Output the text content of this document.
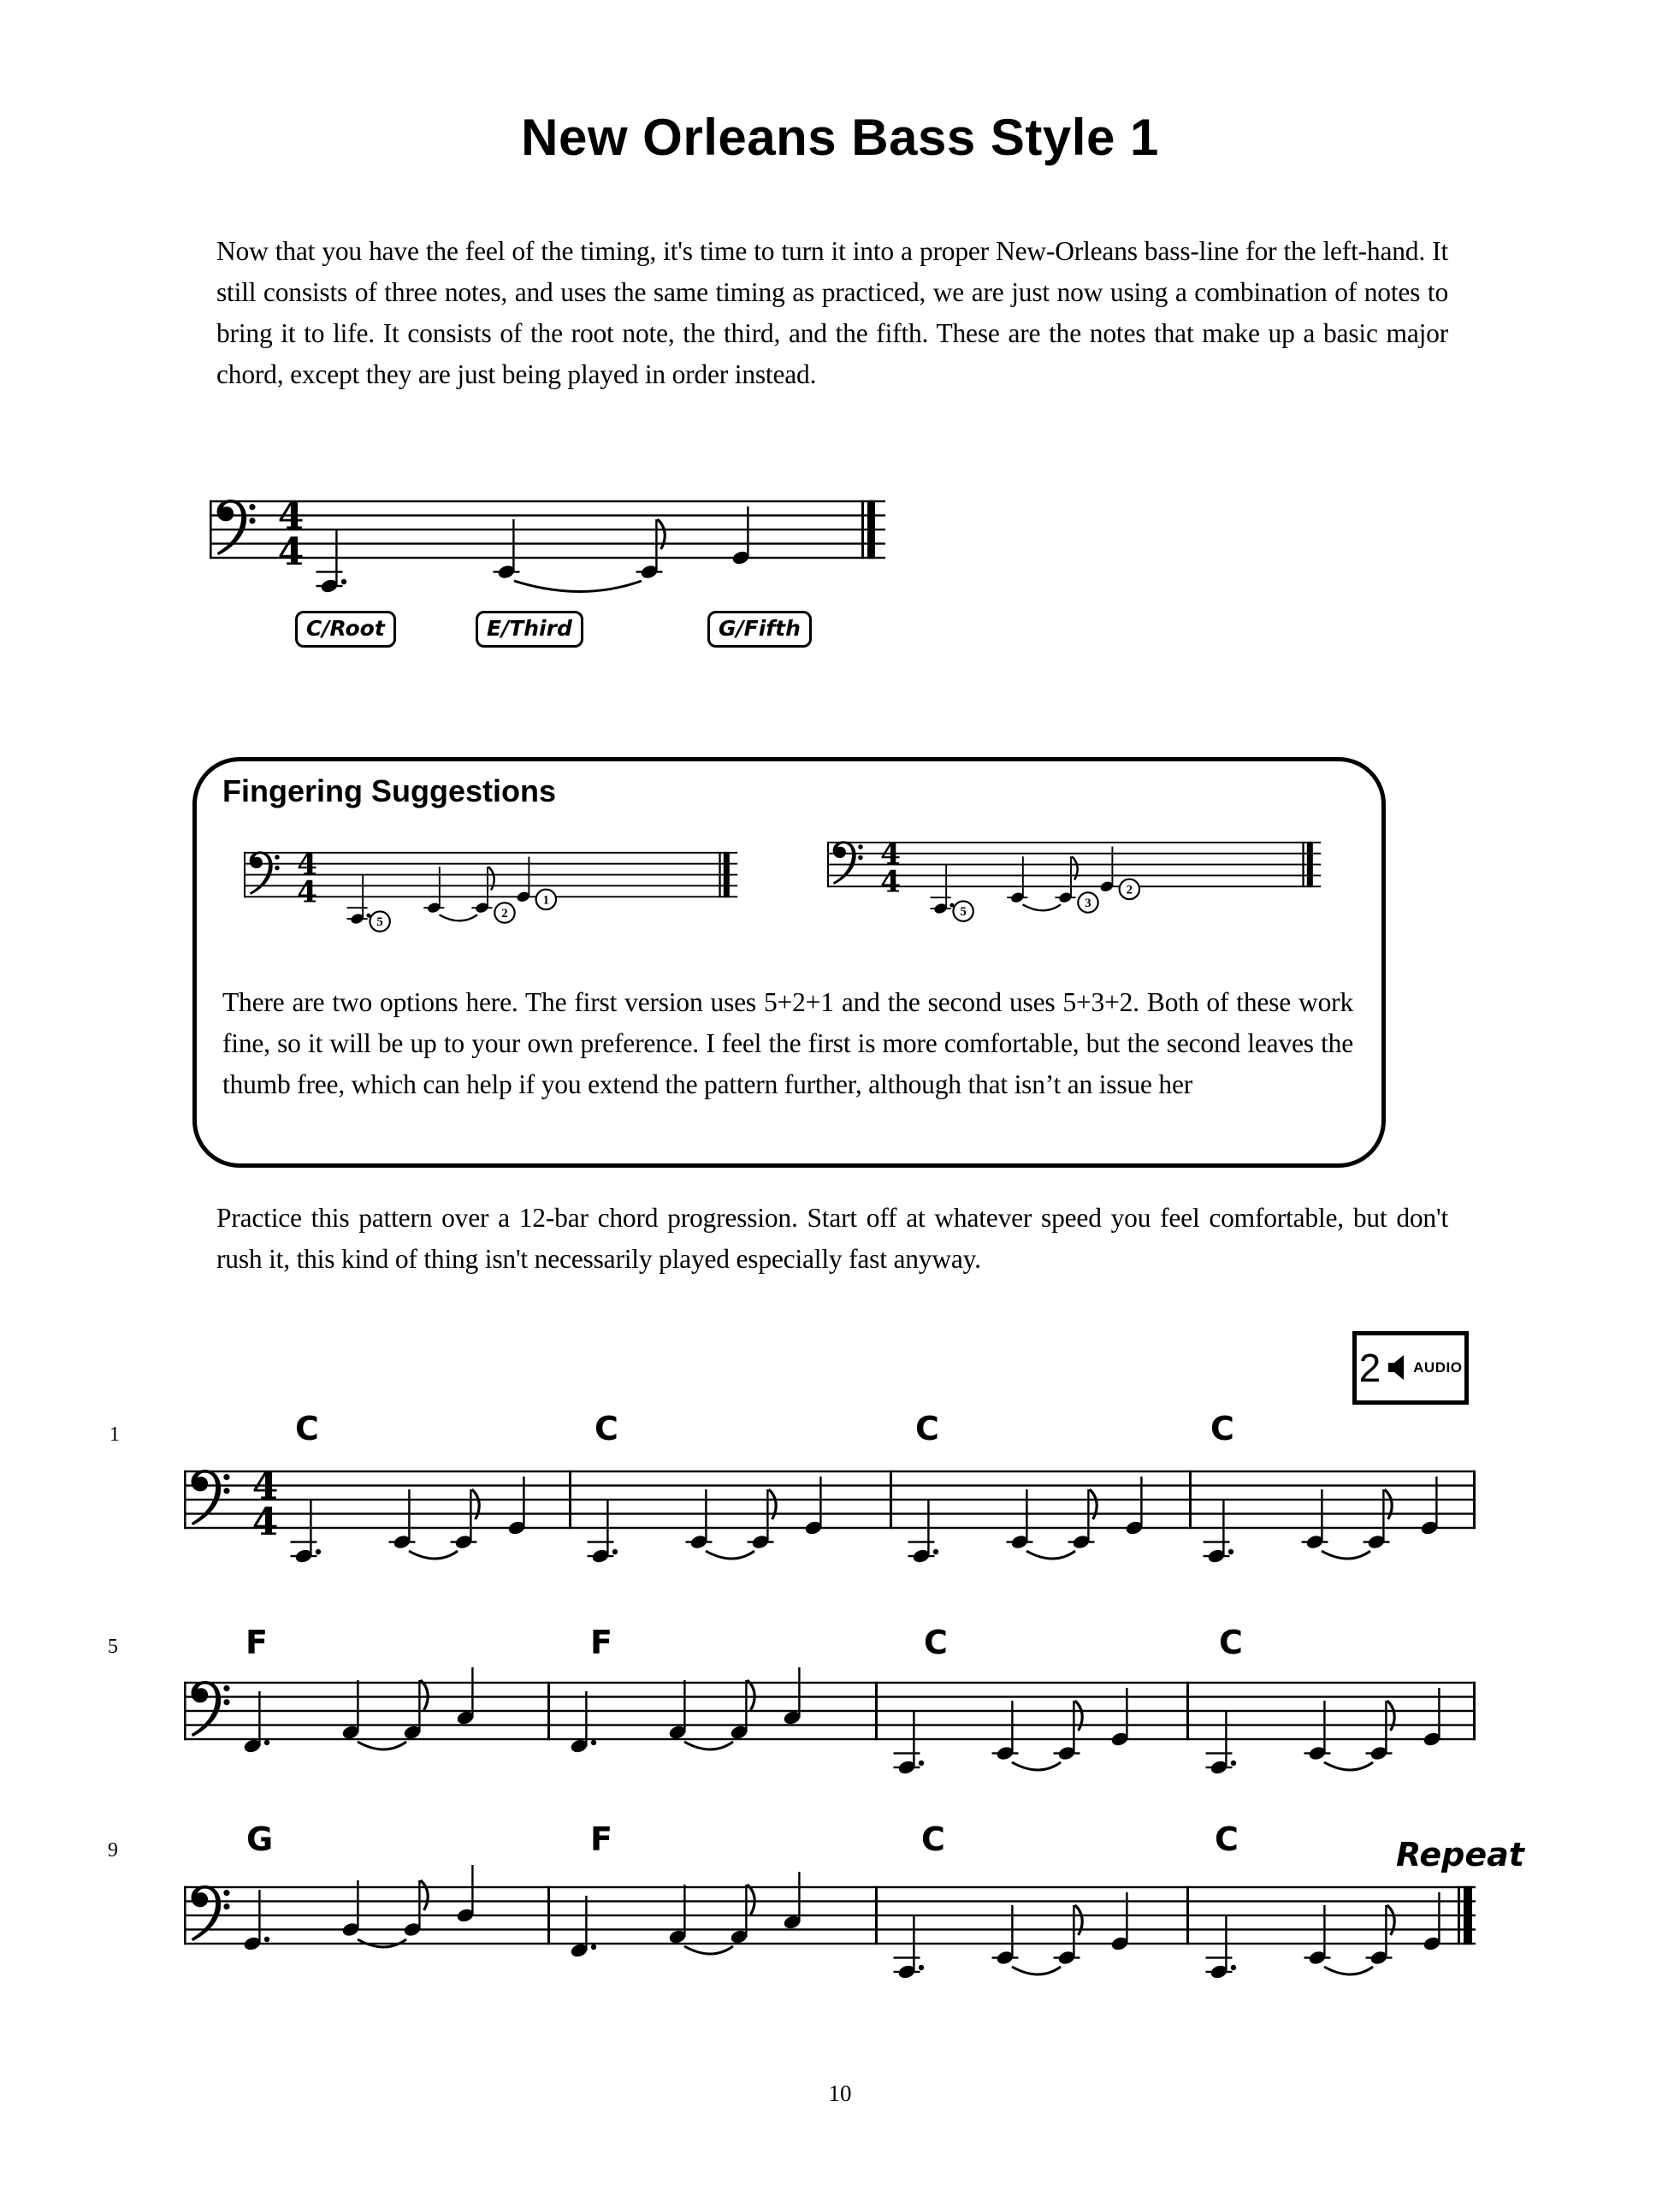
New Orleans Bass Style 1
Now that you have the feel of the timing, it's time to turn it into a proper New-Orleans bass-line for the left-hand. It still consists of three notes, and uses the same timing as practiced, we are just now using a combination of notes to bring it to life. It consists of the root note, the third, and the fifth. These are the notes that make up a basic major chord, except they are just being played in order instead.
4
4
C/Root	E/Third	G/Fifth
Fingering Suggestions
4
4
5
2
1
4
4
5
3
2
There are two options here. The first version uses 5+2+1 and the second uses 5+3+2. Both of these work fine, so it will be up to your own preference. I feel the first is more comfortable, but the second leaves the thumb free, which can help if you extend the pattern further, although that isn’t an issue her
Practice this pattern over a 12-bar chord progression. Start off at whatever speed you feel comfortable, but don't rush it, this kind of thing isn't necessarily played especially fast anyway.
2 AUDIO
1	C	C	C	C
4
4
5	F	F	C	C
9	G	F	C	C	Repeat
10
